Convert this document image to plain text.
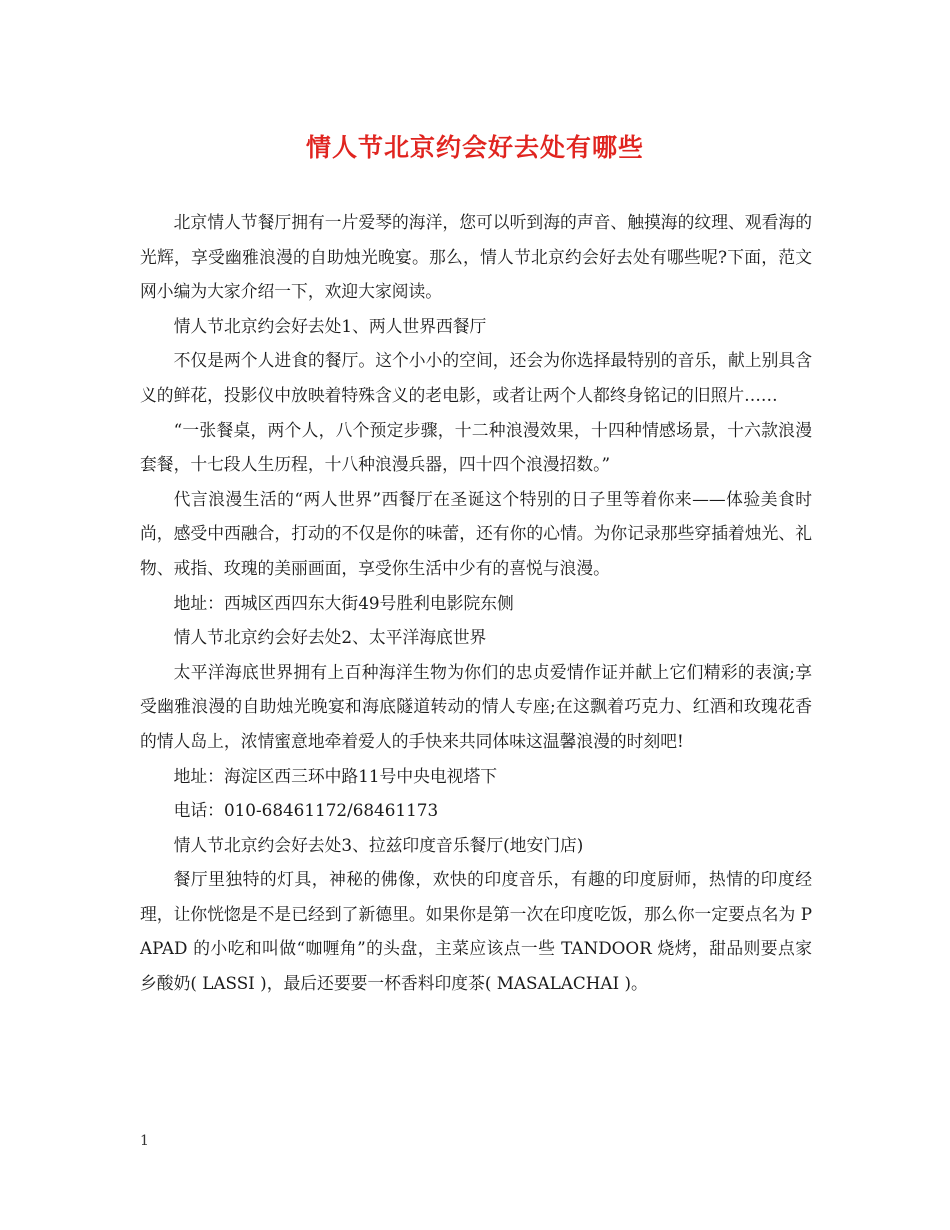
情人节北京约会好去处有哪些

北京情人节餐厅拥有一片爱琴的海洋，您可以听到海的声音、触摸海的纹理、观看海的光辉，享受幽雅浪漫的自助烛光晚宴。那么，情人节北京约会好去处有哪些呢?下面，范文网小编为大家介绍一下，欢迎大家阅读。

情人节北京约会好去处1、两人世界西餐厅

不仅是两个人进食的餐厅。这个小小的空间，还会为你选择最特别的音乐，献上别具含义的鲜花，投影仪中放映着特殊含义的老电影，或者让两个人都终身铭记的旧照片……

“一张餐桌，两个人，八个预定步骤，十二种浪漫效果，十四种情感场景，十六款浪漫套餐，十七段人生历程，十八种浪漫兵器，四十四个浪漫招数。”

代言浪漫生活的“两人世界”西餐厅在圣诞这个特别的日子里等着你来——体验美食时尚，感受中西融合，打动的不仅是你的味蕾，还有你的心情。为你记录那些穿插着烛光、礼物、戒指、玫瑰的美丽画面，享受你生活中少有的喜悦与浪漫。

地址：西城区西四东大街49号胜利电影院东侧

情人节北京约会好去处2、太平洋海底世界

太平洋海底世界拥有上百种海洋生物为你们的忠贞爱情作证并献上它们精彩的表演;享受幽雅浪漫的自助烛光晚宴和海底隧道转动的情人专座;在这飘着巧克力、红酒和玫瑰花香的情人岛上，浓情蜜意地牵着爱人的手快来共同体味这温馨浪漫的时刻吧!

地址：海淀区西三环中路11号中央电视塔下

电话：010-68461172/68461173

情人节北京约会好去处3、拉兹印度音乐餐厅(地安门店)

餐厅里独特的灯具，神秘的佛像，欢快的印度音乐，有趣的印度厨师，热情的印度经理，让你恍惚是不是已经到了新德里。如果你是第一次在印度吃饭，那么你一定要点名为 PAPAD 的小吃和叫做“咖喱角”的头盘，主菜应该点一些 TANDOOR 烧烤，甜品则要点家乡酸奶( LASSI )，最后还要要一杯香料印度茶( MASALACHAI )。

1
